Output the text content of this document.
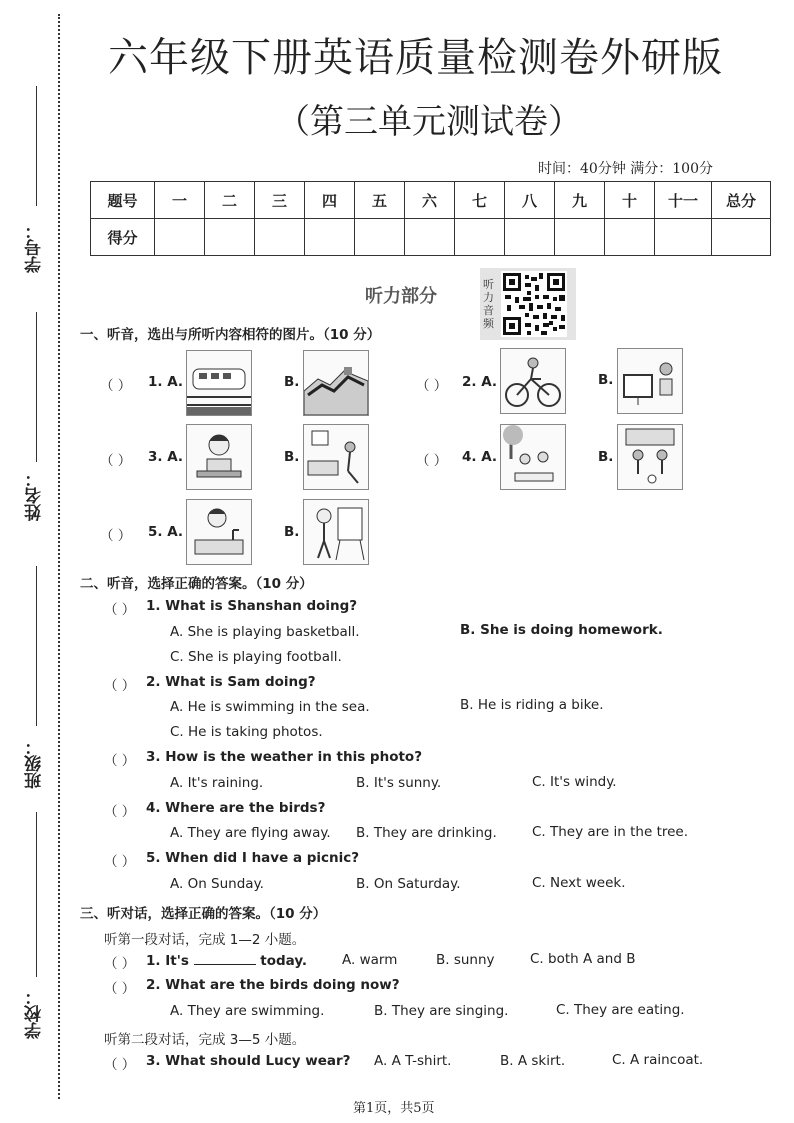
学号：
姓名：
班级：
学校：
六年级下册英语质量检测卷外研版
（第三单元测试卷）
时间：40分钟 满分：100分
题号	一	二	三	四	五	六	七	八	九	十	十一	总分
得分												
听力部分
听力音频
一、听音，选出与所听内容相符的图片。（10 分）
（ ） 1. A.	B.	（ ） 2. A.	B.
（ ） 3. A.	B.	（ ） 4. A.	B.
（ ） 5. A.	B.
二、听音，选择正确的答案。（10 分）
（ ） 1. What is Shanshan doing?
A. She is playing basketball.	B. She is doing homework.
C. She is playing football.
（ ） 2. What is Sam doing?
A. He is swimming in the sea.	B. He is riding a bike.
C. He is taking photos.
（ ） 3. How is the weather in this photo?
A. It's raining.	B. It's sunny.	C. It's windy.
（ ） 4. Where are the birds?
A. They are flying away. B. They are drinking.	C. They are in the tree.
（ ） 5. When did I have a picnic?
A. On Sunday.	B. On Saturday.	C. Next week.
三、听对话，选择正确的答案。（10 分）
听第一段对话，完成 1—2 小题。
（ ） 1. It's	today.	A. warm	B. sunny	C. both A and B
（ ） 2. What are the birds doing now?
A. They are swimming.	B. They are singing.	C. They are eating.
听第二段对话，完成 3—5 小题。
（ ） 3. What should Lucy wear? A. A T-shirt.	B. A skirt.	C. A raincoat.
第1页，共5页
